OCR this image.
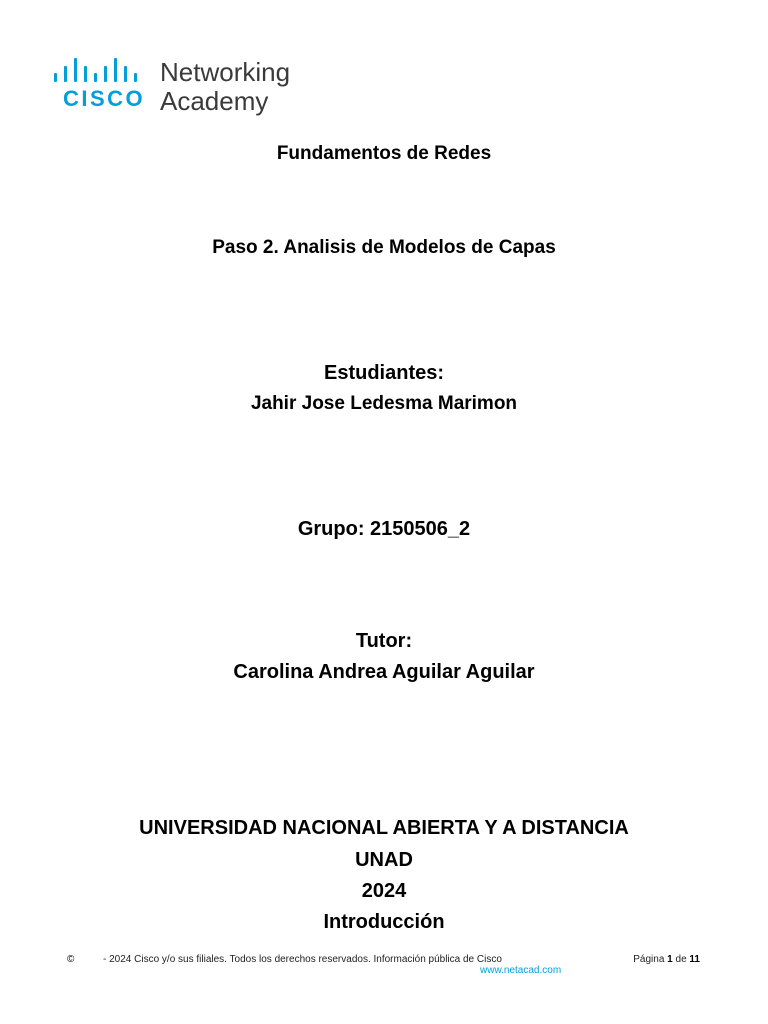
CISCO
Networking
Academy
Fundamentos de Redes
Paso 2. Analisis de Modelos de Capas
Estudiantes:
Jahir Jose Ledesma Marimon
Grupo: 2150506_2
Tutor:
Carolina Andrea Aguilar Aguilar
UNIVERSIDAD NACIONAL ABIERTA Y A DISTANCIA
UNAD
2024
Introducción
©	- 2024 Cisco y/o sus filiales. Todos los derechos reservados. Información pública de Cisco	Página 1 de 11
www.netacad.com
